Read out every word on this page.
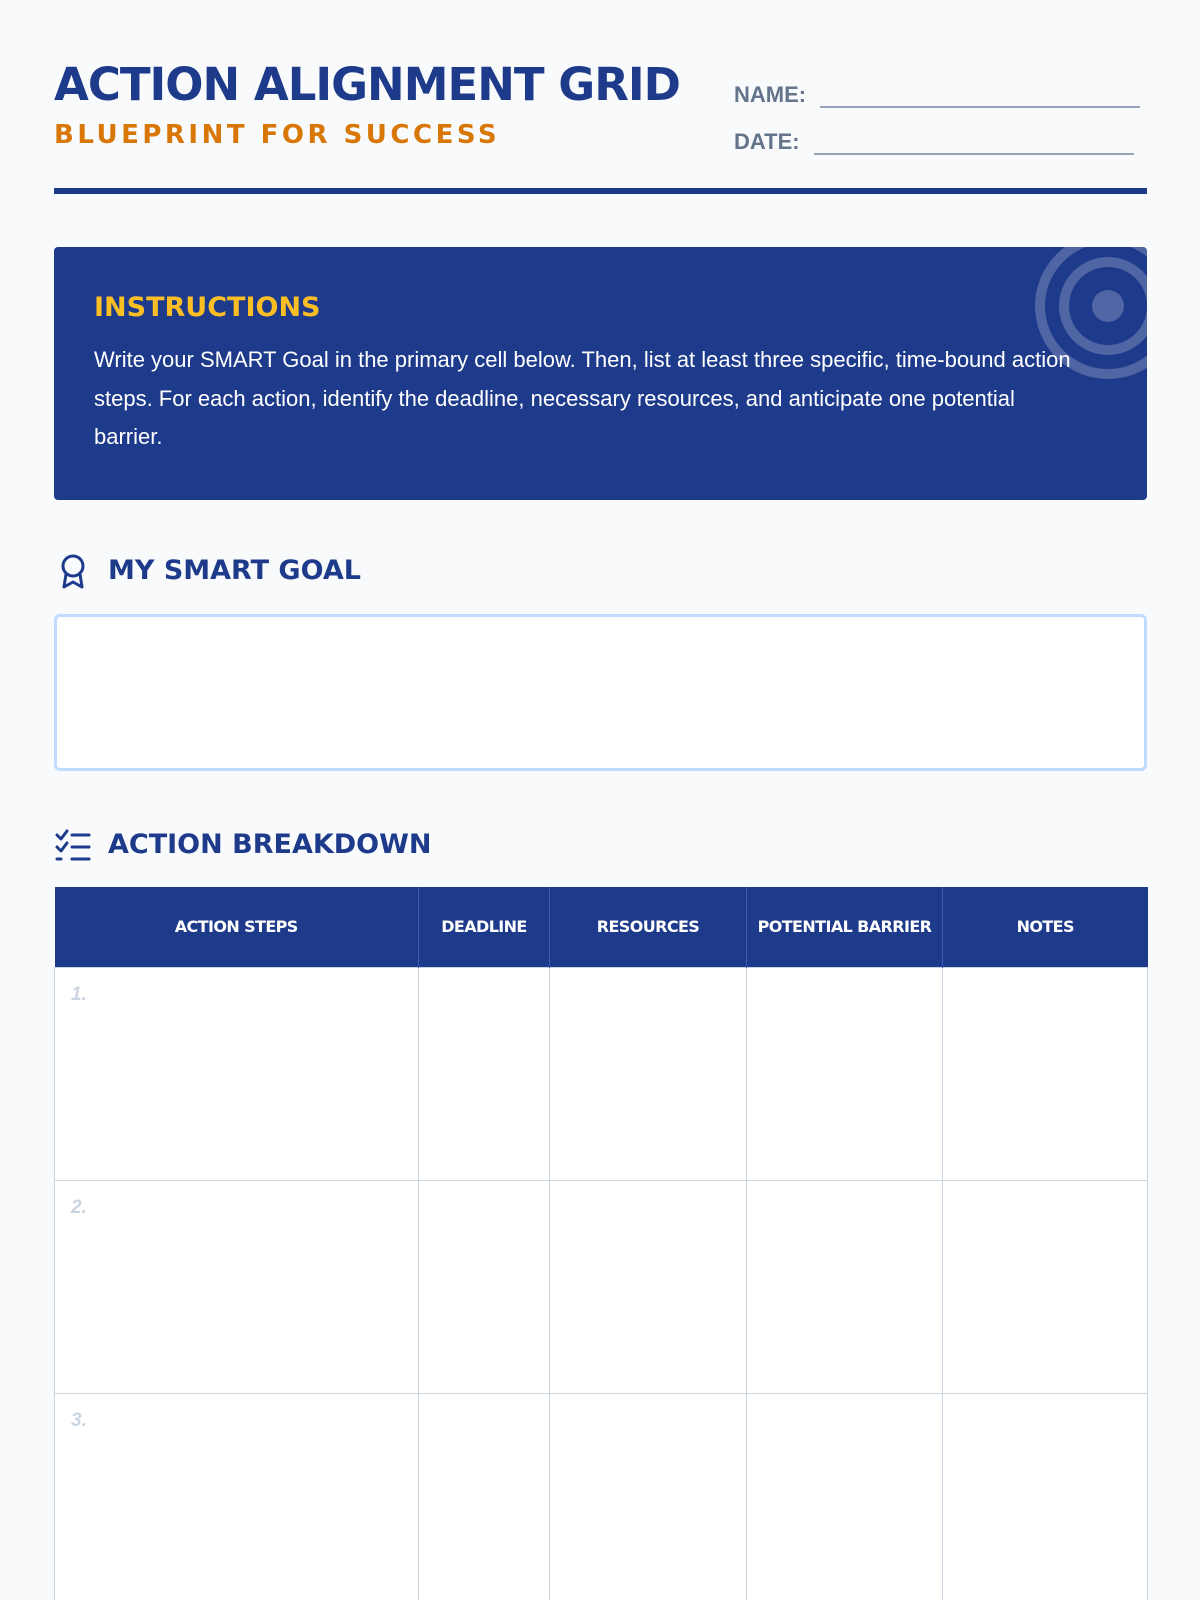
ACTION ALIGNMENT GRID
BLUEPRINT FOR SUCCESS
NAME:
DATE:
INSTRUCTIONS

Write your SMART Goal in the primary cell below. Then, list at least three specific, time-bound action steps. For each action, identify the deadline, necessary resources, and anticipate one potential barrier.

MY SMART GOAL
ACTION BREAKDOWN
ACTION STEPS	DEADLINE	RESOURCES	POTENTIAL BARRIER	NOTES

1.				

2.				

3.				
